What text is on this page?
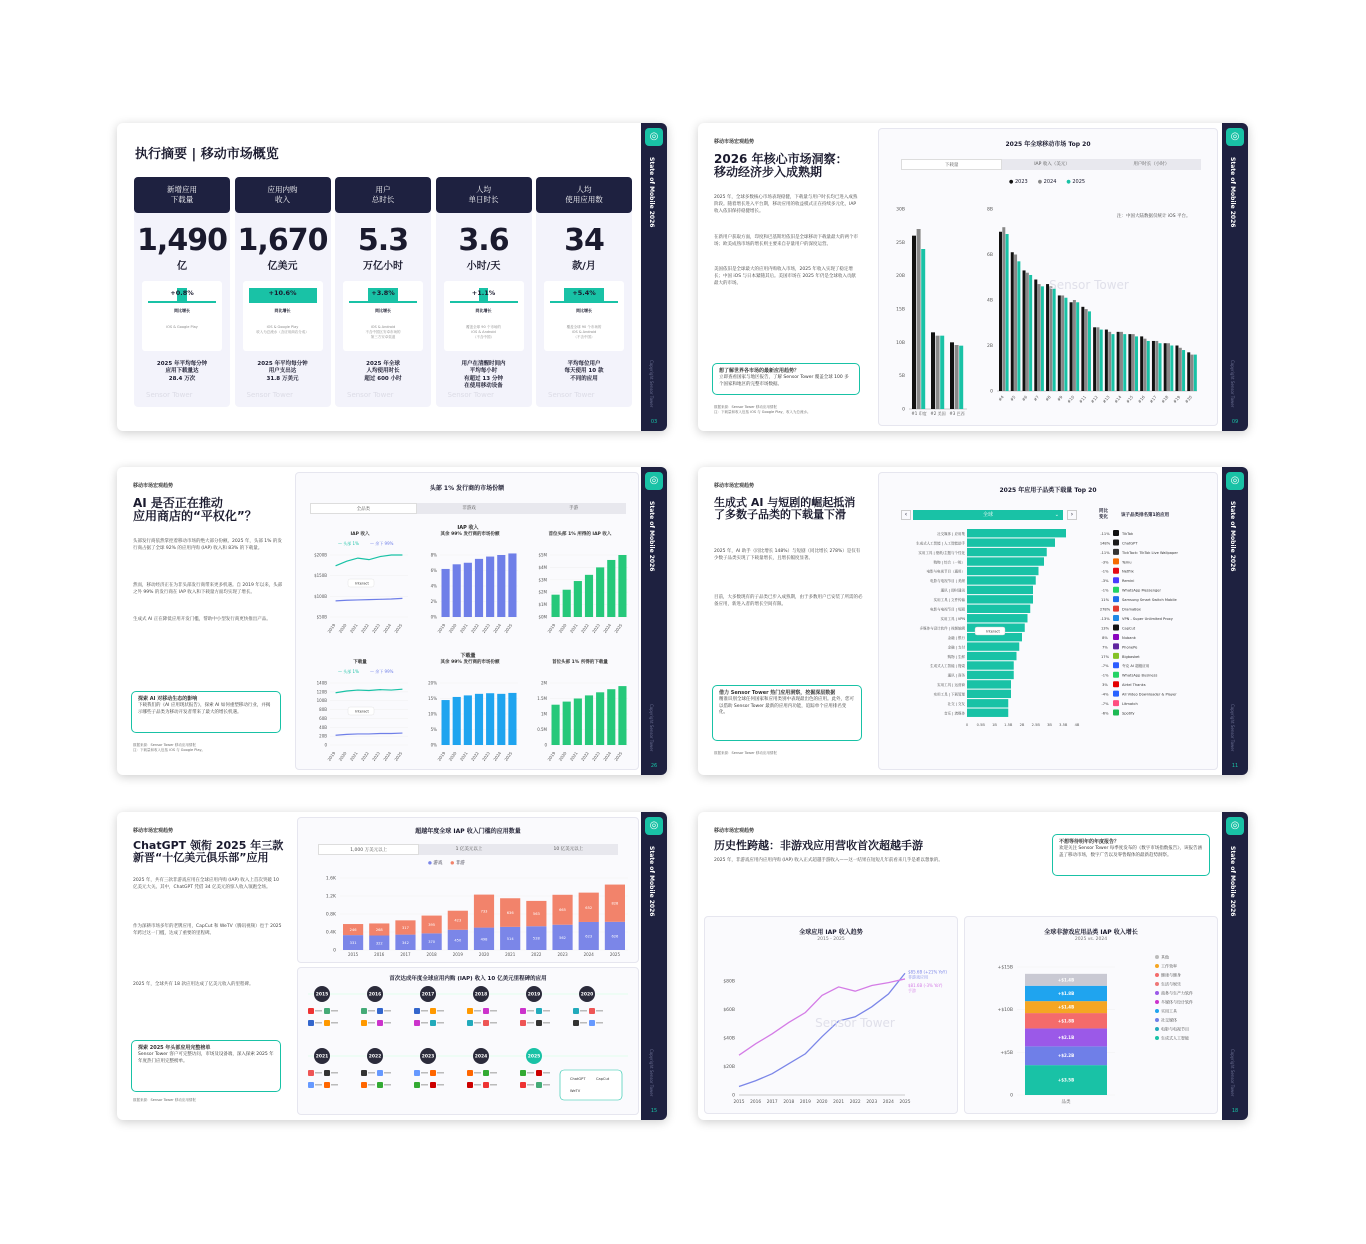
执行摘要 | 移动市场概览
新增应用
下载量
1,490
亿
+0.8%
同比增长
iOS & Google Play
2025 年平均每分钟
应用下载量达
28.4 万次
Sensor Tower
应用内购
收入
1,670
亿美元
+10.6%
同比增长
iOS & Google Play
收入为总流水（含应用商店分成）
2025 年平均每分钟
用户支出达
31.8 万美元
Sensor Tower
用户
总时长
5.3
万亿小时
+3.8%
同比增长
iOS & Android
不含中国区安卓市场的
第三方安卓渠道
2025 年全球
人均使用时长
超过 600 小时
Sensor Tower
人均
单日时长
3.6
小时/天
+1.1%
同比增长
覆盖全球 90 个市场的
iOS & Android
（不含中国）
用户在清醒时间内
平均每小时
有超过 13 分钟
在使用移动设备
Sensor Tower
人均
使用应用数
34
款/月
+5.4%
同比增长
覆盖全球 90 个市场的
iOS & Android
（不含中国）
平均每位用户
每天使用 10 款
不同的应用
Sensor Tower
◎
State of Mobile 2026
Copyright Sensor Tower
03
移动市场宏观趋势
2026 年核心市场洞察：
移动经济步入成熟期
2025 年，全球多数核心市场表现稳健，下载量与用户时长均已进入成熟阶段。随着增长进入平台期，移动应用的收益模式正在持续多元化，IAP 收入依旧保持稳健增长。
在新用户获取方面，印度和巴基斯坦依旧是全球移动下载量最大的两个市场；欧美成熟市场的增长则主要来自存量用户的深度运营。
美国依旧是全球最大的应用内购收入市场，2025 年收入实现了稳定增长；中国 iOS 与日本紧随其后。美国市场在 2025 年仍是全球收入贡献最大的市场。
想了解世界各市场的最新应用趋势？
立即查看国家与地区报告，了解 Sensor Tower 覆盖全球 100 多个国家和地区的完整市场数据。
数据来源：Sensor Tower 移动应用情报
注：下载量和收入包括 iOS 与 Google Play，收入为总流水。
2025 年全球移动市场 Top 20
下载量	IAP 收入（美元）	用户时长（小时）
● 2023 ● 2024 ● 2025
注：中国大陆数据仅统计 iOS 平台。
0
5B
10B
15B
20B
25B
30B
#1 印度 #2 美国 #3 巴西
0
2B
4B
6B
8B
#4 #5 #6 #7 #8 #9 #10 #11 #12 #13 #14 #15 #16 #17 #18 #19 #20
Sensor Tower
◎
State of Mobile 2026
Copyright Sensor Tower
09
移动市场宏观趋势
AI 是否正在推动
应用商店的“平权化”？
头部发行商依然掌控着移动市场的绝大部分份额。2025 年，头部 1% 的发行商占据了全球 92% 的应用内购 (IAP) 收入和 83% 的下载量。
然而，移动经济正在为非头部发行商带来更多机遇。自 2019 年以来，头部之外 99% 的发行商在 IAP 收入和下载量方面均实现了增长。
生成式 AI 正在降低应用开发门槛，帮助中小型发行商更快推出产品。
探索 AI 对移动生态的影响
下载我们的《AI 应用现状报告》，探索 AI 如何重塑移动行业，并揭示哪些子品类为移动开发者带来了最大的增长机遇。
数据来源：Sensor Tower 移动应用情报
注：下载量和收入包括 iOS 与 Google Play。
头部 1% 发行商的市场份额
全品类	非游戏	手游
IAP 收入
下载量
IAP 收入
$50B
$100B
$150B
$200B
2019 2020 2021 2022 2023 2024 2025
— 头部 1%	— 余下 99%
Interact
其余 99% 发行商的市场份额
0%
2%
4%
6%
8%
2019 2020 2021 2022 2023 2024 2025
首位头部 1% 所得的 IAP 收入
$0M
$1M
$2M
$3M
$4M
$5M
2019 2020 2021 2022 2023 2024 2025
下载量
0
20B
40B
60B
80B
100B
120B
140B
2019 2020 2021 2022 2023 2024 2025
— 头部 1%	— 余下 99%
Interact
其余 99% 发行商的市场份额
0%
5%
10%
15%
20%
2019 2020 2021 2022 2023 2024 2025
首位头部 1% 所得的下载量
0
0.5M
1M
1.5M
2M
2019 2020 2021 2022 2023 2024 2025
◎
State of Mobile 2026
Copyright Sensor Tower
26
移动市场宏观趋势
生成式 AI 与短剧的崛起抵消
了多数子品类的下载量下滑
2025 年，AI 助手（同比增长 148%）与短剧（同比增长 278%）是仅有少数子品类实现了下载量增长，且增长幅度显著。
目前，大多数现有的子品类已步入成熟期，由于多数用户已安装了所需的必备应用，新进入者的增长空间有限。
借力 Sensor Tower 热门应用洞察，挖掘深层数据
精准识别全球任何国家和应用类别中表现最出色的应用。此外，您可以借助 Sensor Tower 最新的应用内功能，追踪单个应用排名变化。
数据来源：Sensor Tower 移动应用情报
2025 年应用子品类下载量 Top 20
‹	全球	⌄	›	同比
变化	该子品类排名第1的应用
社交媒体 | 应用集	-11%	TikTok
生成式人工智能 | 人工智能助手	148%	ChatGPT
实用工具 | 壁纸/主题与个性化	-11%	TickTock: TikTok Live Wallpaper
购物 | 综合（一般）	-3%	Temu
电影与电视节目（通用）	-1%	Netflix
电影与电视节目 | 美颜	-3%	Remini
通讯 | 即时通讯	-1%	WhatsApp Messenger
实用工具 | 文件传输	11%	Samsung Smart Switch Mobile
电影与电视节目 | 短剧	278%	DramaBox
实用工具 | VPN	-13%	VPN - Super Unlimited Proxy
多媒体与设计软件 | 视频编辑	13%	CapCut
金融 | 银行	8%	Nubank
金融 | 支付	7%	PhonePe
购物 | 生鲜	17%	Bigbasket
生成式人工智能 | 搜索	-7%	夸克 AI 超级应用
通讯 | 商务	-1%	WhatsApp Business
实用工具 | 运营商	3%	Airtel Thanks
实用工具 | 下载管理	-4%	All Video Downloader & Player
社交 | 交友	-7%	Litmatch
音乐 | 流媒体	-6%	Spotify
0 0.5B 1B 1.5B 2B 2.5B 3B 3.5B 4B
Interact
◎
State of Mobile 2026
Copyright Sensor Tower
11
移动市场宏观趋势
ChatGPT 领衔 2025 年三款
新晋“十亿美元俱乐部”应用
2025 年，共有三款非游戏应用在全球应用内购 (IAP) 收入上首次突破 10 亿美元大关。其中，ChatGPT 凭借 34 亿美元的惊人收入领跑全场。
作为深耕市场多年的老牌应用，CapCut 和 WeTV（腾讯视频）也于 2025 年跨过这一门槛，达成了重要的里程碑。
2025 年，全球共有 18 款应用达成了亿美元收入的里程碑。
探索 2025 年头部应用完整榜单
Sensor Tower 客户可完整访问，市场及设备端，深入探索 2025 年年度热门应用完整榜单。
数据来源：Sensor Tower 移动应用情报
超越年度全球 IAP 收入门槛的应用数量
1,000 万美元以上	1 亿美元以上	10 亿美元以上
● 游戏 ● 非游
0
0.4K
0.8K
1.2K
1.6K
331
246
2015
322
268
2016
342
317
2017
370
395
2018
450
423
2019
498
733
2020
514
636
2021
528
563
2022
562
665
2023
623
652
2024
626
828
2025
首次达成年度全球应用内购 (IAP) 收入 10 亿美元里程碑的应用
2015	2016	2017	2018	2019	2020
2021	2022	2023	2024	2025
ChatGPT	CapCut
WeTV
◎
State of Mobile 2026
Copyright Sensor Tower
15
移动市场宏观趋势
历史性跨越：非游戏应用营收首次超越手游
2025 年，非游戏应用内应用内购 (IAP) 收入正式超越手游收入——这一结果在短短几年前看来几乎是难以想象的。
不想等待明年的年度报告？
欢迎关注 Sensor Tower 每季度发布的《数字市场指数报告》，该报告涵盖了移动市场，数字广告以及零售媒体的最新趋势洞察。
全球应用 IAP 收入趋势
2015 - 2025
0
$20B
$40B
$60B
$80B
2015 2016 2017 2018 2019 2020 2021 2022 2023 2024 2025
$85.6B (+21% YoY)
非游戏应用
$81.6B (-3% YoY)
手游
Sensor Tower
全球非游戏应用品类 IAP 收入增长
2025 vs. 2024
0
+$5B
+$10B
+$15B
+$3.5B
+$2.2B
+$2.1B
+$1.8B
+$1.4B
+$1.8B
+$1.4B
品类
其他
工作效率
健康与健身
生活与娱乐
商务与生产力软件
多媒体与设计软件
实用工具
社交媒体
电影与电视节目
生成式人工智能
◎
State of Mobile 2026
Copyright Sensor Tower
18
